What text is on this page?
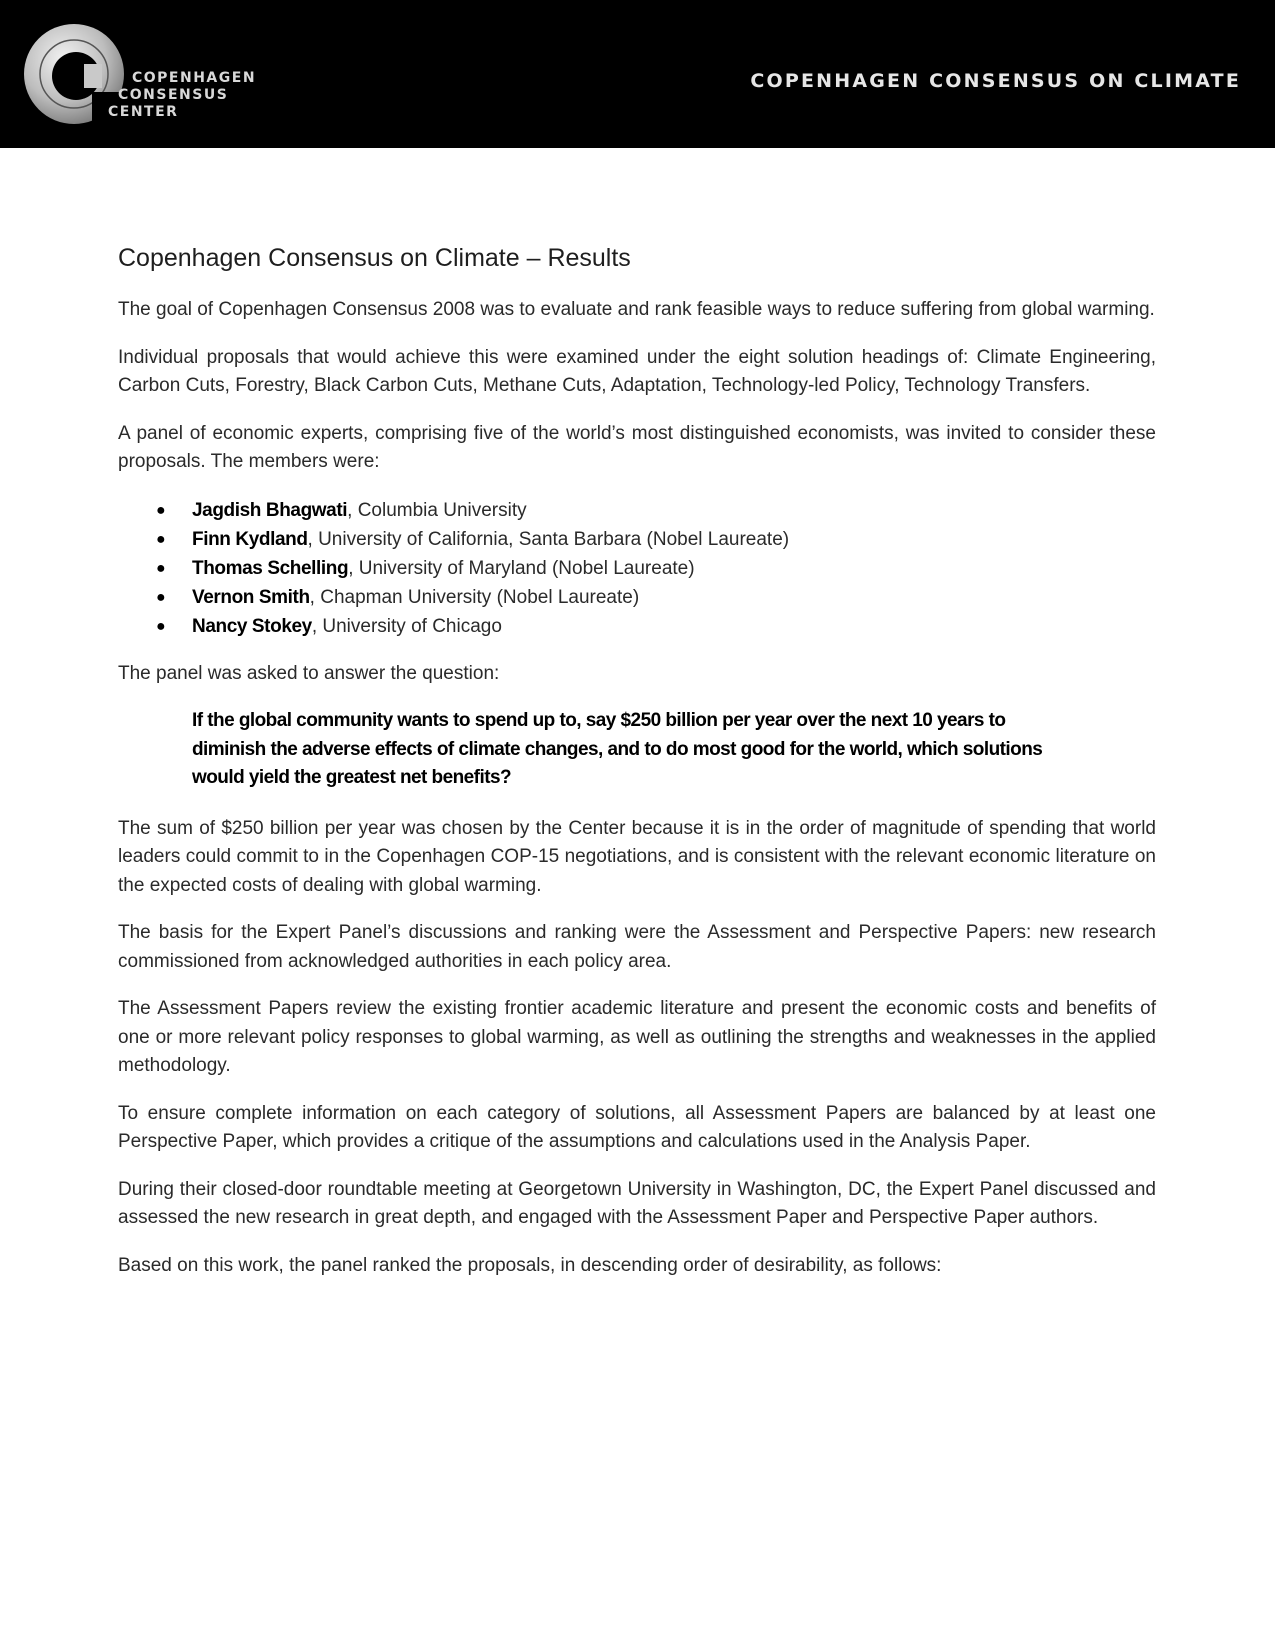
COPENHAGEN
CONSENSUS
CENTER
COPENHAGEN CONSENSUS ON CLIMATE
Copenhagen Consensus on Climate – Results

The goal of Copenhagen Consensus 2008 was to evaluate and rank feasible ways to reduce suffering from global warming.

Individual proposals that would achieve this were examined under the eight solution headings of: Climate Engineering, Carbon Cuts, Forestry, Black Carbon Cuts, Methane Cuts, Adaptation, Technology-led Policy, Technology Transfers.

A panel of economic experts, comprising five of the world’s most distinguished economists, was invited to consider these proposals. The members were:

● Jagdish Bhagwati, Columbia University
● Finn Kydland, University of California, Santa Barbara (Nobel Laureate)
● Thomas Schelling, University of Maryland (Nobel Laureate)
● Vernon Smith, Chapman University (Nobel Laureate)
● Nancy Stokey, University of Chicago

The panel was asked to answer the question:

If the global community wants to spend up to, say $250 billion per year over the next 10 years to diminish the adverse effects of climate changes, and to do most good for the world, which solutions would yield the greatest net benefits?

The sum of $250 billion per year was chosen by the Center because it is in the order of magnitude of spending that world leaders could commit to in the Copenhagen COP-15 negotiations, and is consistent with the relevant economic literature on the expected costs of dealing with global warming.

The basis for the Expert Panel’s discussions and ranking were the Assessment and Perspective Papers: new research commissioned from acknowledged authorities in each policy area.

The Assessment Papers review the existing frontier academic literature and present the economic costs and benefits of one or more relevant policy responses to global warming, as well as outlining the strengths and weaknesses in the applied methodology.

To ensure complete information on each category of solutions, all Assessment Papers are balanced by at least one Perspective Paper, which provides a critique of the assumptions and calculations used in the Analysis Paper.

During their closed-door roundtable meeting at Georgetown University in Washington, DC, the Expert Panel discussed and assessed the new research in great depth, and engaged with the Assessment Paper and Perspective Paper authors.

Based on this work, the panel ranked the proposals, in descending order of desirability, as follows:
